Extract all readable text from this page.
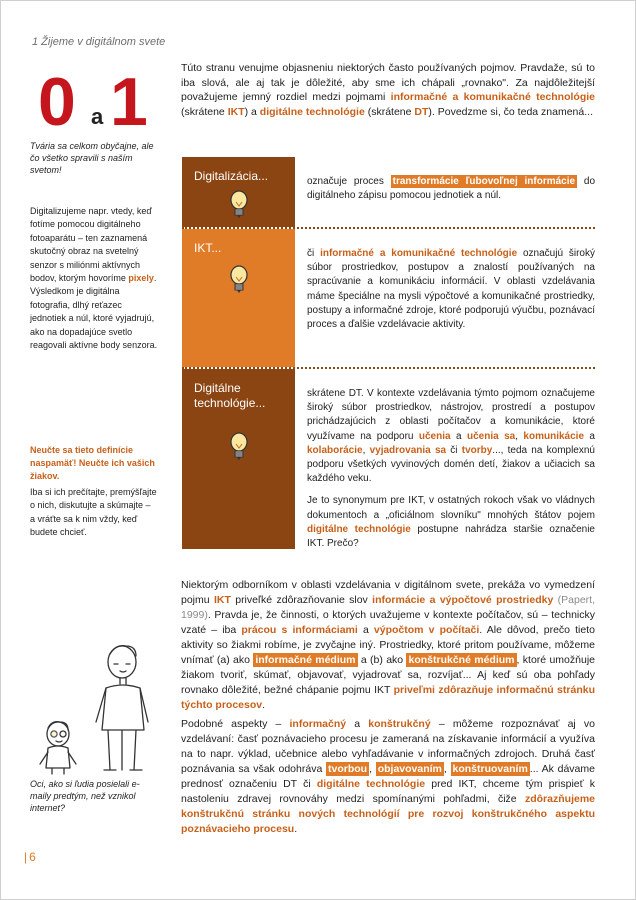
1 Žijeme v digitálnom svete
0 a 1
Tvária sa celkom obyčajne, ale čo všetko spravili s naším svetom!
Digitalizujeme napr. vtedy, keď fotíme pomocou digitálneho fotoaparátu – ten zaznamená skutočný obraz na svetelný senzor s miliónmi aktívnych bodov, ktorým hovoríme pixely. Výsledkom je digitálna fotografia, dlhý reťazec jednotiek a núl, ktoré vyjadrujú, ako na dopadajúce svetlo reagovali aktívne body senzora.
Neučte sa tieto definície naspamäť! Neučte ich vašich žiakov.
Iba si ich prečítajte, premýšľajte o nich, diskutujte a skúmajte – a vráťte sa k nim vždy, keď budete chcieť.
Túto stranu venujme objasneniu niektorých často používaných pojmov. Pravdaže, sú to iba slová, ale aj tak je dôležité, aby sme ich chápali „rovnako". Za najdôležitejší považujeme jemný rozdiel medzi pojmami informačné a komunikačné technológie (skrátene IKT) a digitálne technológie (skrátene DT). Povedzme si, čo teda znamená...
Digitalizácia...	označuje proces transformácie ľubovoľnej informácie do digitálneho zápisu pomocou jednotiek a núl.
IKT...	či informačné a komunikačné technológie označujú široký súbor prostriedkov, postupov a znalostí používaných na spracúvanie a komunikáciu informácií. V oblasti vzdelávania máme špeciálne na mysli výpočtové a komunikačné prostriedky, postupy a informačné zdroje, ktoré podporujú výučbu, poznávací proces a ďalšie vzdelávacie aktivity.
Digitálne technológie...

skrátene DT. V kontexte vzdelávania týmto pojmom označujeme široký súbor prostriedkov, nástrojov, prostredí a postupov prichádzajúcich z oblasti počítačov a komunikácie, ktoré využívame na podporu učenia a učenia sa, komunikácie a kolaborácie, vyjadrovania sa či tvorby..., teda na komplexnú podporu všetkých vyvinových domén detí, žiakov a učiacich sa každého veku.

Je to synonymum pre IKT, v ostatných rokoch však vo vládnych dokumentoch a „oficiálnom slovníku" mnohých štátov pojem digitálne technológie postupne nahrádza staršie označenie IKT. Prečo?

Niektorým odborníkom v oblasti vzdelávania v digitálnom svete, prekáža vo vymedzení pojmu IKT priveľké zdôrazňovanie slov informácie a výpočtové prostriedky (Papert, 1999). Pravda je, že činnosti, o ktorých uvažujeme v kontexte počítačov, sú – technicky vzaté – iba prácou s informáciami a výpočtom v počítači. Ale dôvod, prečo tieto aktivity so žiakmi robíme, je zvyčajne iný. Prostriedky, ktoré pritom používame, môžeme vnímať (a) ako informačné médium a (b) ako konštrukčné médium , ktoré umožňuje žiakom tvoriť, skúmať, objavovať, vyjadrovať sa, rozvíjať... Aj keď sú oba pohľady rovnako dôležité, bežné chápanie pojmu IKT priveľmi zdôrazňuje informačnú stránku týchto procesov.
Podobné aspekty – informačný a konštrukčný – môžeme rozpoznávať aj vo vzdelávaní: časť poznávacieho procesu je zameraná na získavanie informácií a využíva na to napr. výklad, učebnice alebo vyhľadávanie v informačných zdrojoch. Druhá časť poznávania sa však odohráva tvorbou , objavovaním , konštruovaním ... Ak dávame prednosť označeniu DT či digitálne technológie pred IKT, chceme tým prispieť k nastoleniu zdravej rovnováhy medzi spomínanými pohľadmi, čiže zdôrazňujeme konštrukčnú stránku nových technológií pre rozvoj konštrukčného aspektu poznávacieho procesu.
Oci, ako si ľudia posielali e-maily predtým, než vznikol internet?
| 6
